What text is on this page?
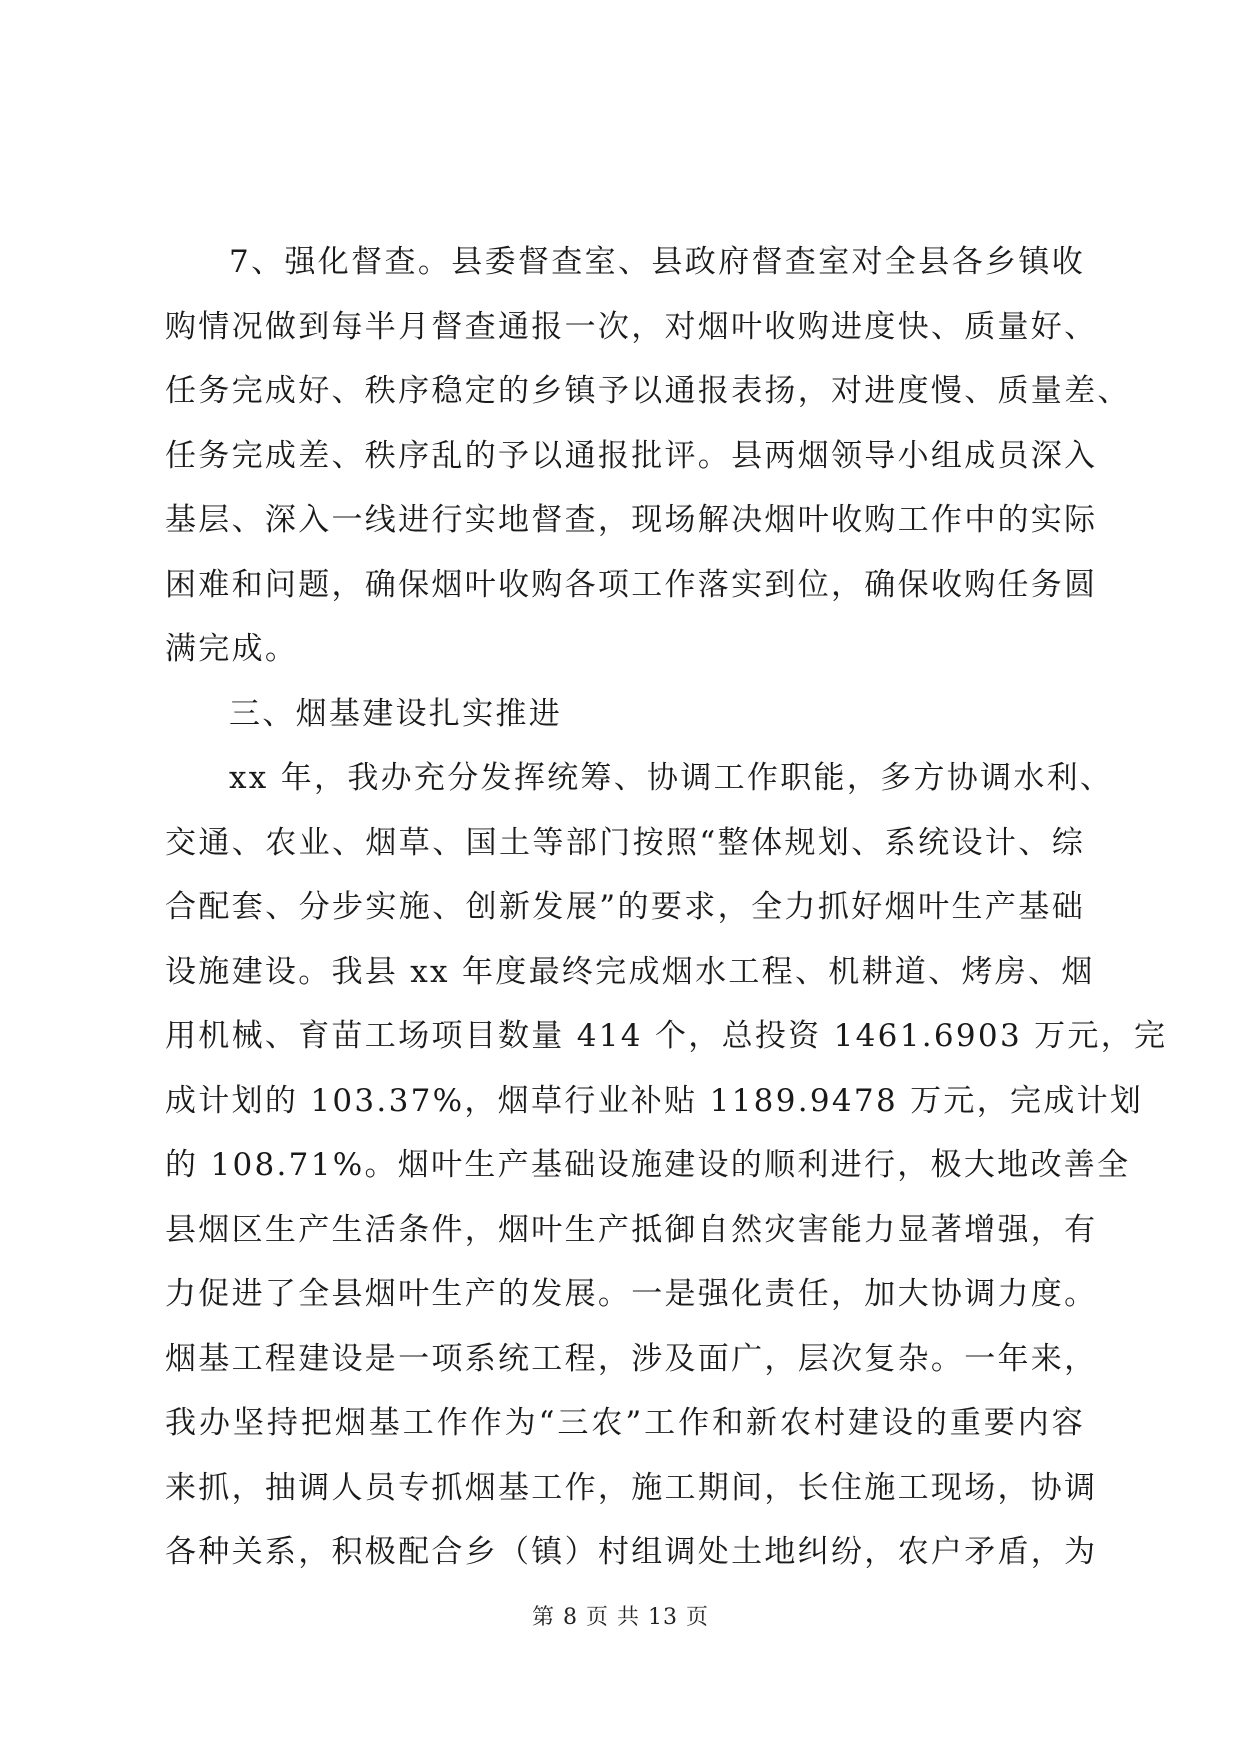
7、强化督查。县委督查室、县政府督查室对全县各乡镇收
购情况做到每半月督查通报一次，对烟叶收购进度快、质量好、
任务完成好、秩序稳定的乡镇予以通报表扬，对进度慢、质量差、
任务完成差、秩序乱的予以通报批评。县两烟领导小组成员深入
基层、深入一线进行实地督查，现场解决烟叶收购工作中的实际
困难和问题，确保烟叶收购各项工作落实到位，确保收购任务圆
满完成。
三、烟基建设扎实推进
xx 年，我办充分发挥统筹、协调工作职能，多方协调水利、
交通、农业、烟草、国土等部门按照“整体规划、系统设计、综
合配套、分步实施、创新发展”的要求，全力抓好烟叶生产基础
设施建设。我县 xx 年度最终完成烟水工程、机耕道、烤房、烟
用机械、育苗工场项目数量 414 个，总投资 1461.6903 万元，完
成计划的 103.37%，烟草行业补贴 1189.9478 万元，完成计划
的 108.71%。烟叶生产基础设施建设的顺利进行，极大地改善全
县烟区生产生活条件，烟叶生产抵御自然灾害能力显著增强，有
力促进了全县烟叶生产的发展。一是强化责任，加大协调力度。
烟基工程建设是一项系统工程，涉及面广，层次复杂。一年来，
我办坚持把烟基工作作为“三农”工作和新农村建设的重要内容
来抓，抽调人员专抓烟基工作，施工期间，长住施工现场，协调
各种关系，积极配合乡（镇）村组调处土地纠纷，农户矛盾，为
第 8 页 共 13 页
